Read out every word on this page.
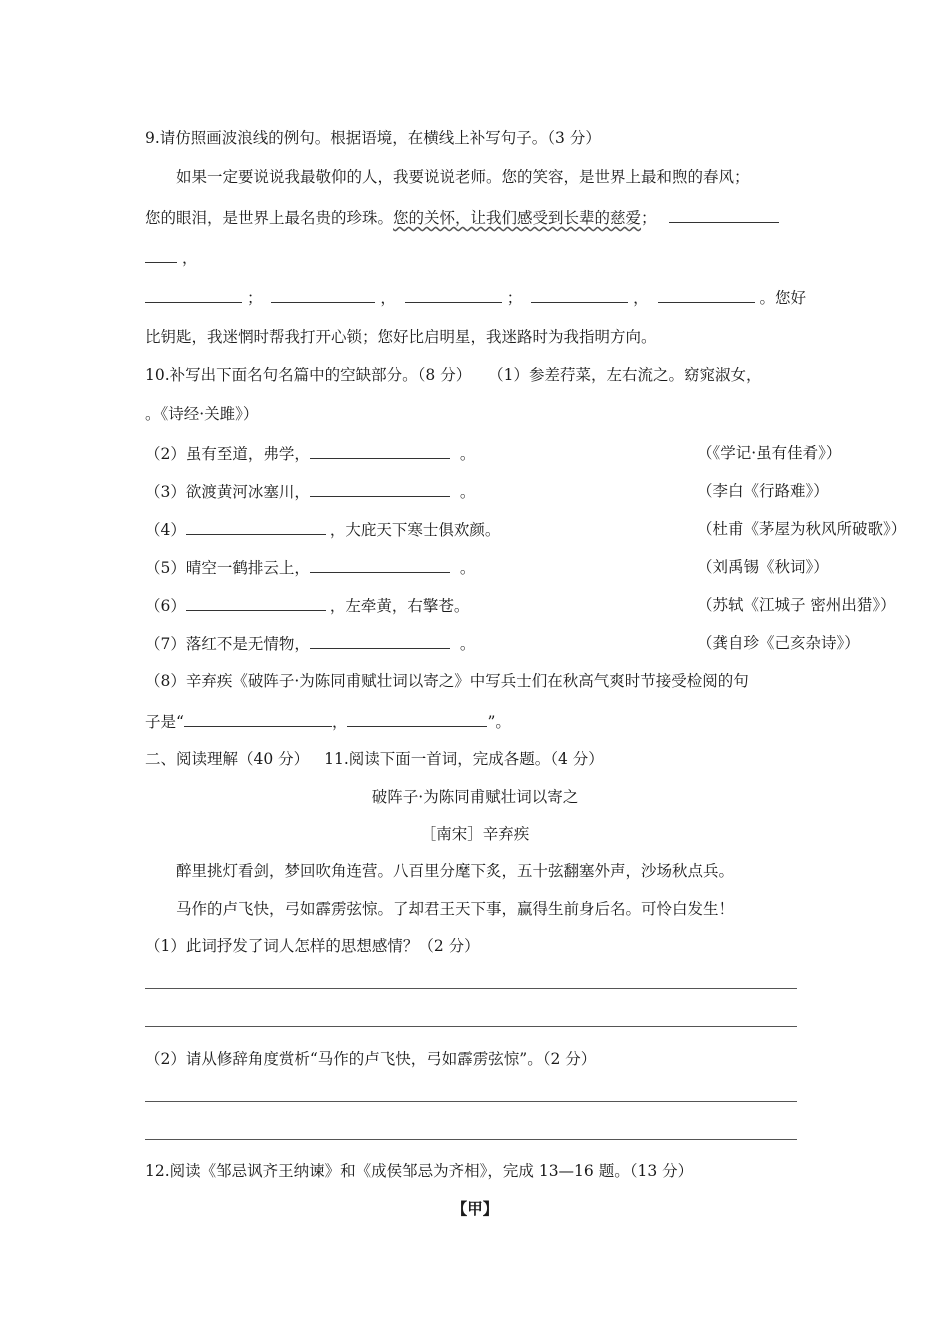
9.请仿照画波浪线的例句。根据语境，在横线上补写句子。（3 分）
如果一定要说说我最敬仰的人，我要说说老师。您的笑容，是世界上最和煦的春风；
您的眼泪，是世界上最名贵的珍珠。您的关怀，让我们感受到长辈的慈爱；
，
；	，	；	，	。您好
比钥匙，我迷惘时帮我打开心锁；您好比启明星，我迷路时为我指明方向。
10.补写出下面名句名篇中的空缺部分。（8 分） （1）参差荇菜，左右流之。窈窕淑女，
。《诗经·关雎》）
（2）虽有至道，弗学，	。	（《学记·虽有佳肴》）
（3）欲渡黄河冰塞川，	。	（李白《行路难》）
（4）	，大庇天下寒士俱欢颜。	（杜甫《茅屋为秋风所破歌》）
（5）晴空一鹤排云上，	。	（刘禹锡《秋词》）
（6）	，左牵黄，右擎苍。	（苏轼《江城子 密州出猎》）
（7）落红不是无情物，	。	（龚自珍《己亥杂诗》）
（8）辛弃疾《破阵子·为陈同甫赋壮词以寄之》中写兵士们在秋高气爽时节接受检阅的句
子是“	，	”。
二、阅读理解（40 分） 11.阅读下面一首词，完成各题。（4 分）
破阵子·为陈同甫赋壮词以寄之
［南宋］辛弃疾
醉里挑灯看剑，梦回吹角连营。八百里分麾下炙，五十弦翻塞外声，沙场秋点兵。
马作的卢飞快，弓如霹雳弦惊。了却君王天下事，赢得生前身后名。可怜白发生！
（1）此词抒发了词人怎样的思想感情？（2 分）
（2）请从修辞角度赏析“马作的卢飞快，弓如霹雳弦惊”。（2 分）
12.阅读《邹忌讽齐王纳谏》和《成侯邹忌为齐相》，完成 13—16 题。（13 分）
【甲】
